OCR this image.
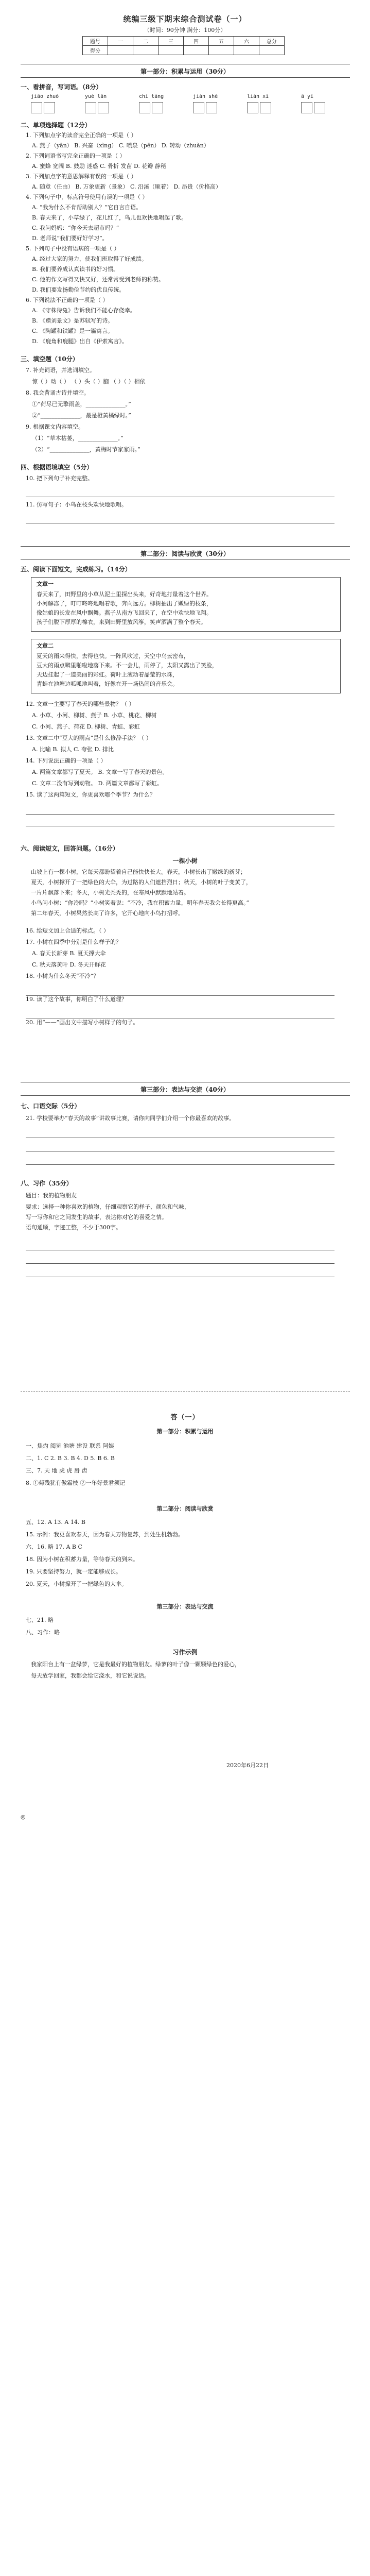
统编三级下期末综合测试卷（一）
（时间：90分钟 满分：100分）
题号	一	二	三	四	五	六	总分
得分							
第一部分：积累与运用（30分）
一、看拼音，写词语。（8分）
jiāo zhuó	yuè lǎn	chí táng	jiàn shè	lián xì	ā yí
二、单项选择题（12分）
1. 下列加点字的读音完全正确的一项是（ ）
A. 燕子（yān） B. 兴奋（xìng） C. 喷泉（pēn） D. 转动（zhuàn）
2. 下列词语书写完全正确的一项是（ ）
A. 蜜蜂 宽阔 B. 鼓励 迷惑 C. 骨折 发苗 D. 花瓣 静秘
3. 下列加点字的意思解释有误的一项是（ ）
A. 随意（任由） B. 万象更新（景象） C. 沿溪（顺着） D. 昂贵（价格高）
4. 下列句子中，标点符号使用有误的一项是（ ）
A. “我为什么不肯帮助别人？”它自言自语。
B. 春天来了，小草绿了，花儿红了，鸟儿也欢快地唱起了歌。
C. 我问妈妈：“你今天去超市吗？”
D. 老师说“我们要好好学习”。
5. 下列句子中没有语病的一项是（ ）
A. 经过大家的努力，使我们班取得了好成绩。
B. 我们要养成认真读书的好习惯。
C. 他的作文写得又快又好，还常常受到老师的称赞。
D. 我们要发扬勤俭节约的优良传统。
6. 下列说法不正确的一项是（ ）
A. 《守株待兔》告诉我们不能心存侥幸。
B. 《赠刘景文》是苏轼写的诗。
C. 《陶罐和铁罐》是一篇寓言。
D. 《鹿角和鹿腿》出自《伊索寓言》。
三、填空题（10分）
7. 补充词语，并选词填空。
惊（ ）动（ ） （ ）头（ ）脑 （ ）（ ）相依
8. 我会背诵古诗并填空。
①“荷尽已无擎雨盖，______________。”
②“______________，最是橙黄橘绿时。”
9. 根据课文内容填空。
（1）“草木枯萎，______________。”
（2）“______________，黄梅时节家家雨。”
四、根据语境填空（5分）
10. 把下列句子补充完整。
11. 仿写句子：小鸟在枝头欢快地歌唱。
第二部分：阅读与欣赏（30分）
五、阅读下面短文，完成练习。（14分）
文章一
春天来了，田野里的小草从泥土里探出头来，好奇地打量着这个世界。
小河解冻了，叮叮咚咚地唱着歌，奔向远方。柳树抽出了嫩绿的枝条，
像姑娘的长发在风中飘舞。燕子从南方飞回来了，在空中欢快地飞翔。
孩子们脱下厚厚的棉衣，来到田野里放风筝，笑声洒满了整个春天。
文章二
夏天的雨来得快，去得也快。一阵风吹过，天空中乌云密布，
豆大的雨点噼里啪啦地落下来。不一会儿，雨停了，太阳又露出了笑脸，
天边挂起了一道美丽的彩虹。荷叶上滚动着晶莹的水珠，
青蛙在池塘边呱呱地叫着，好像在开一场热闹的音乐会。
12. 文章一主要写了春天的哪些景物？（ ）
A. 小草、小河、柳树、燕子 B. 小草、桃花、柳树
C. 小河、燕子、荷花 D. 柳树、青蛙、彩虹
13. 文章二中“豆大的雨点”是什么修辞手法？（ ）
A. 比喻 B. 拟人 C. 夸张 D. 排比
14. 下列说法正确的一项是（ ）
A. 两篇文章都写了夏天。 B. 文章一写了春天的景色。
C. 文章二没有写到动物。 D. 两篇文章都写了彩虹。
15. 读了这两篇短文，你更喜欢哪个季节？为什么？
六、阅读短文，回答问题。（16分）
一棵小树
山坡上有一棵小树，它每天都盼望着自己能快快长大。春天，小树长出了嫩绿的新芽；
夏天，小树撑开了一把绿色的大伞，为过路的人们遮挡烈日；秋天，小树的叶子变黄了，
一片片飘落下来；冬天，小树光秃秃的，在寒风中默默地站着。
小鸟问小树：“你冷吗？”小树笑着说：“不冷，我在积蓄力量，明年春天我会长得更高。”
第二年春天，小树果然长高了许多，它开心地向小鸟打招呼。
16. 给短文加上合适的标点。（ ）
17. 小树在四季中分别是什么样子的？
A. 春天长新芽 B. 夏天撑大伞
C. 秋天落黄叶 D. 冬天开鲜花
18. 小树为什么冬天“不冷”？
19. 读了这个故事，你明白了什么道理？
20. 用“——”画出文中描写小树样子的句子。
第三部分：表达与交流（40分）
七、口语交际（5分）
21. 学校要举办“春天的故事”讲故事比赛，请你向同学们介绍一个你最喜欢的故事。
八、习作（35分）
题目：我的植物朋友
要求：选择一种你喜欢的植物，仔细观察它的样子、颜色和气味，
写一写你和它之间发生的故事，表达你对它的喜爱之情。
语句通顺，字迹工整，不少于300字。
答（一）
第一部分：积累与运用
一、焦灼 阅览 池塘 建设 联系 阿姨
二、1. C 2. B 3. B 4. D 5. B 6. B
三、7. 天 地 虎 虎 唇 齿
8. ①菊残犹有傲霜枝 ②一年好景君须记
第二部分：阅读与欣赏
五、12. A 13. A 14. B
15. 示例：我更喜欢春天，因为春天万物复苏，到处生机勃勃。
六、16. 略 17. A B C
18. 因为小树在积蓄力量，等待春天的到来。
19. 只要坚持努力，就一定能够成长。
20. 夏天，小树撑开了一把绿色的大伞。
第三部分：表达与交流
七、21. 略
八、习作：略
习作示例
我家阳台上有一盆绿萝，它是我最好的植物朋友。绿萝的叶子像一颗颗绿色的爱心，
每天放学回家，我都会给它浇水，和它说说话。
2020年6月22日
◎
